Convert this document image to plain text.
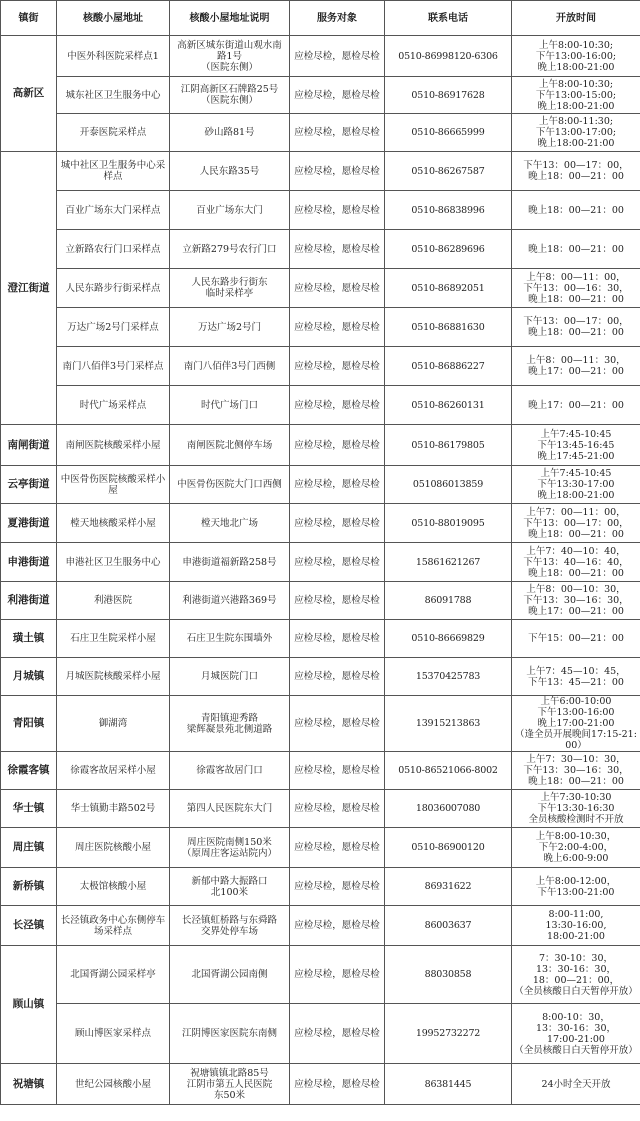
镇街	核酸小屋地址	核酸小屋地址说明	服务对象	联系电话	开放时间
高新区	中医外科医院采样点1	高新区城东街道山观水南
路1号
（医院东侧）	应检尽检，愿检尽检	0510-86998120-6306	上午8:00-10:30;
下午13:00-16:00;
晚上18:00-21:00

	城东社区卫生服务中心	江阴高新区石牌路25号
（医院东侧）	应检尽检，愿检尽检	0510-86917628	上午8:00-10:30;
下午13:00-15:00;
晚上18:00-21:00

	开泰医院采样点	砂山路81号	应检尽检，愿检尽检	0510-86665999	上午8:00-11:30;
下午13:00-17:00;
晚上18:00-21:00

澄江街道	城中社区卫生服务中心采样点	人民东路35号	应检尽检，愿检尽检	0510-86267587	下午13：00—17：00，
晚上18：00—21：00

	百业广场东大门采样点	百业广场东大门	应检尽检，愿检尽检	0510-86838996	晚上18：00—21：00

	立新路农行门口采样点	立新路279号农行门口	应检尽检，愿检尽检	0510-86289696	晚上18：00—21：00

	人民东路步行街采样点	人民东路步行街东
临时采样亭	应检尽检，愿检尽检	0510-86892051	上午8：00—11：00，
下午13：00—16：30，
晚上18：00—21：00

	万达广场2号门采样点	万达广场2号门	应检尽检，愿检尽检	0510-86881630	下午13：00—17：00，
晚上18：00—21：00

	南门八佰伴3号门采样点	南门八佰伴3号门西侧	应检尽检，愿检尽检	0510-86886227	上午8：00—11：30，
晚上17：00—21：00

	时代广场采样点	时代广场门口	应检尽检，愿检尽检	0510-86260131	晚上17：00—21：00

南闸街道	南闸医院核酸采样小屋	南闸医院北侧停车场	应检尽检，愿检尽检	0510-86179805	上午7:45-10:45
下午13:45-16:45
晚上17:45-21:00

云亭街道	中医骨伤医院核酸采样小屋	中医骨伤医院大门口西侧	应检尽检，愿检尽检	051086013859	上午7:45-10:45
下午13:30-17:00
晚上18:00-21:00

夏港街道	樘天地核酸采样小屋	樘天地北广场	应检尽检，愿检尽检	0510-88019095	上午7：00—11：00，
下午13：00—17：00，
晚上18：00—21：00

申港街道	申港社区卫生服务中心	申港街道福新路258号	应检尽检，愿检尽检	15861621267	上午7：40—10：40，
下午13：40—16：40，
晚上18：00—21：00

利港街道	利港医院	利港街道兴港路369号	应检尽检，愿检尽检	86091788	上午8：00—10：30，
下午13：30—16：30，
晚上17：00—21：00

璜土镇	石庄卫生院采样小屋	石庄卫生院东围墙外	应检尽检，愿检尽检	0510-86669829	下午15：00—21：00

月城镇	月城医院核酸采样小屋	月城医院门口	应检尽检，愿检尽检	15370425783	上午7：45—10：45，
下午13：45—21：00

青阳镇	御湖湾	青阳镇迎秀路
梁辉凝景苑北侧道路	应检尽检，愿检尽检	13915213863	上午6:00-10:00
下午13:00-16:00
晚上17:00-21:00
（逢全员开展晚间17:15-21:00）

徐霞客镇	徐霞客故居采样小屋	徐霞客故居门口	应检尽检，愿检尽检	0510-86521066-8002	上午7：30—10：30，
下午13：30—16：30，
晚上18：00—21：00

华士镇	华士镇勤丰路502号	第四人民医院东大门	应检尽检，愿检尽检	18036007080	上午7:30-10:30
下午13:30-16:30
全员核酸检测时不开放

周庄镇	周庄医院核酸小屋	周庄医院南侧150米
（原周庄客运站院内）	应检尽检，愿检尽检	0510-86900120	上午8:00-10:30，
下午2:00-4:00，
晚上6:00-9:00

新桥镇	太极馆核酸小屋	新郁中路大振路口
北100米	应检尽检，愿检尽检	86931622	上午8:00-12:00，
下午13:00-21:00

长泾镇	长泾镇政务中心东侧停车场采样点	长泾镇虹桥路与东舜路
交界处停车场	应检尽检，愿检尽检	86003637	8:00-11:00,
13:30-16:00,
18:00-21:00

顾山镇	北国胥湖公园采样亭	北国胥湖公园南侧	应检尽检，愿检尽检	88030858	7：30-10：30，
13：30-16：30，
18：00—21：00，
（全员核酸日白天暂停开放）

	顾山博医家采样点	江阴博医家医院东南侧	应检尽检，愿检尽检	19952732272	8:00-10：30，
13：30-16：30，
17:00-21:00
（全员核酸日白天暂停开放）

祝塘镇	世纪公园核酸小屋	祝塘镇镇北路85号
江阴市第五人民医院
东50米	应检尽检，愿检尽检	86381445	24小时全天开放
